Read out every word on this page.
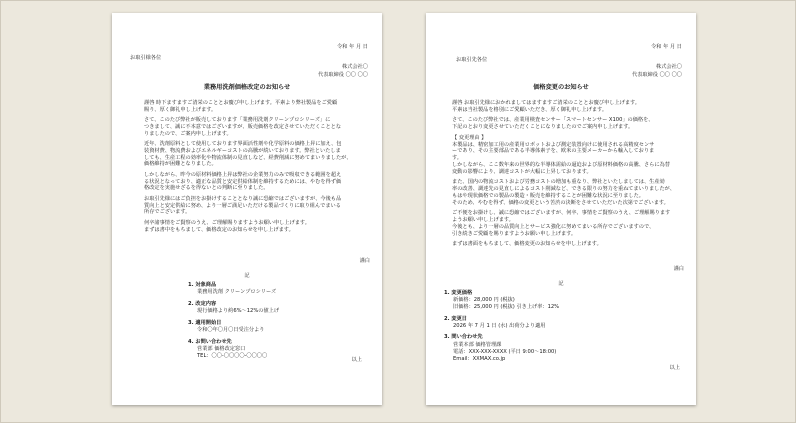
令和 年 月 日
お取引様各位
株式会社〇
代表取締役 〇〇 〇〇
業務用洗剤価格改定のお知らせ
謹啓 時下ますますご清栄のこととお慶び申し上げます。平素より弊社製品をご愛顧
賜り、厚く御礼申し上げます。
さて、このたび弊社が販売しております「業務用洗剤クリーンプロシリーズ」に
つきまして、誠に不本意ではございますが、販売価格を改定させていただくこととな
りましたので、ご案内申し上げます。
近年、洗剤原料として使用しております界面活性剤や化学原料の価格上昇に加え、包
装資材費、物流費およびエネルギーコストの高騰が続いております。弊社といたしま
しても、生産工程の効率化や物流体制の見直しなど、経費削減に努めてまいりましたが、
価格維持が困難となりました。
しかしながら、昨今の原材料価格上昇は弊社の企業努力のみで吸収できる範囲を超え
る状況となっており、適正な品質と安定供給体制を維持するためには、やむを得ず価
格改定を実施せざるを得ないとの判断に至りました。
お取引先様にはご負担をお掛けすることとなり誠に恐縮ではございますが、今後も品
質向上と安定供給に努め、より一層ご満足いただける製品づくりに取り組んでまいる
所存でございます。
何卒諸事情をご賢察のうえ、ご理解賜りますようお願い申し上げます。
まずは書中をもちまして、価格改定のお知らせを申し上げます。
謹白
記
1. 対象商品
業務用洗剤 クリーンプロシリーズ
2. 改定内容
現行価格より約6%〜12%の値上げ
3. 適用開始日
令和〇年〇月〇日受注分より
4. お問い合わせ先
営業部 価格改定窓口
TEL：〇〇-〇〇〇〇-〇〇〇〇
以上
令和 年 月 日
お取引先各位
株式会社〇
代表取締役 〇〇 〇〇
価格変更のお知らせ
謹啓 お取引先様におかれましてはますますご清栄のこととお慶び申し上げます。
平素は当社製品を格別にご愛顧いただき、厚く御礼申し上げます。
さて、このたび弊社では、産業用検査センサー「スマートセンサー X100」の価格を、
下記のとおり変更させていただくことになりましたのでご案内申し上げます。
【 変更理由 】
本製品は、精密加工用の産業用ロボットおよび測定装置向けに使用される高精度センサ
ーであり、その主要部品である半導体素子を、欧米の主要メーカーから輸入しておりま
す。
しかしながら、ここ数年来の世界的な半導体需給の逼迫および原材料価格の高騰、さらに為替
変動の影響により、調達コストが大幅に上昇しております。
また、国内の物流コストおよび労務コストの増加も重なり、弊社といたしましては、生産効
率の改善、調達先の見直しによるコスト削減など、できる限りの努力を重ねてまいりましたが、
もはや現状価格での製品の製造・販売を維持することが困難な状況に至りました。
そのため、やむを得ず、価格の変更という苦渋の決断をさせていただいた次第でございます。
ご不便をお掛けし、誠に恐縮ではございますが、何卒、事情をご賢察のうえ、ご理解賜ります
ようお願い申し上げます。
今後とも、より一層の品質向上とサービス強化に努めてまいる所存でございますので、
引き続きご愛顧を賜りますようお願い申し上げます。
まずは書面をもちまして、価格変更のお知らせを申し上げます。
謹白
記
1. 変更価格
新価格：28,000 円 (税抜)
旧価格：25,000 円 (税抜) 引き上げ率：12%
2. 変更日
2026 年 7 月 1 日 (水) 出荷分より適用
3. 問い合わせ先
営業本部 価格管理課
電話：XXX-XXX-XXXX (平日 9:00〜18:00)
Email：XXMAX.co.jp
以上
